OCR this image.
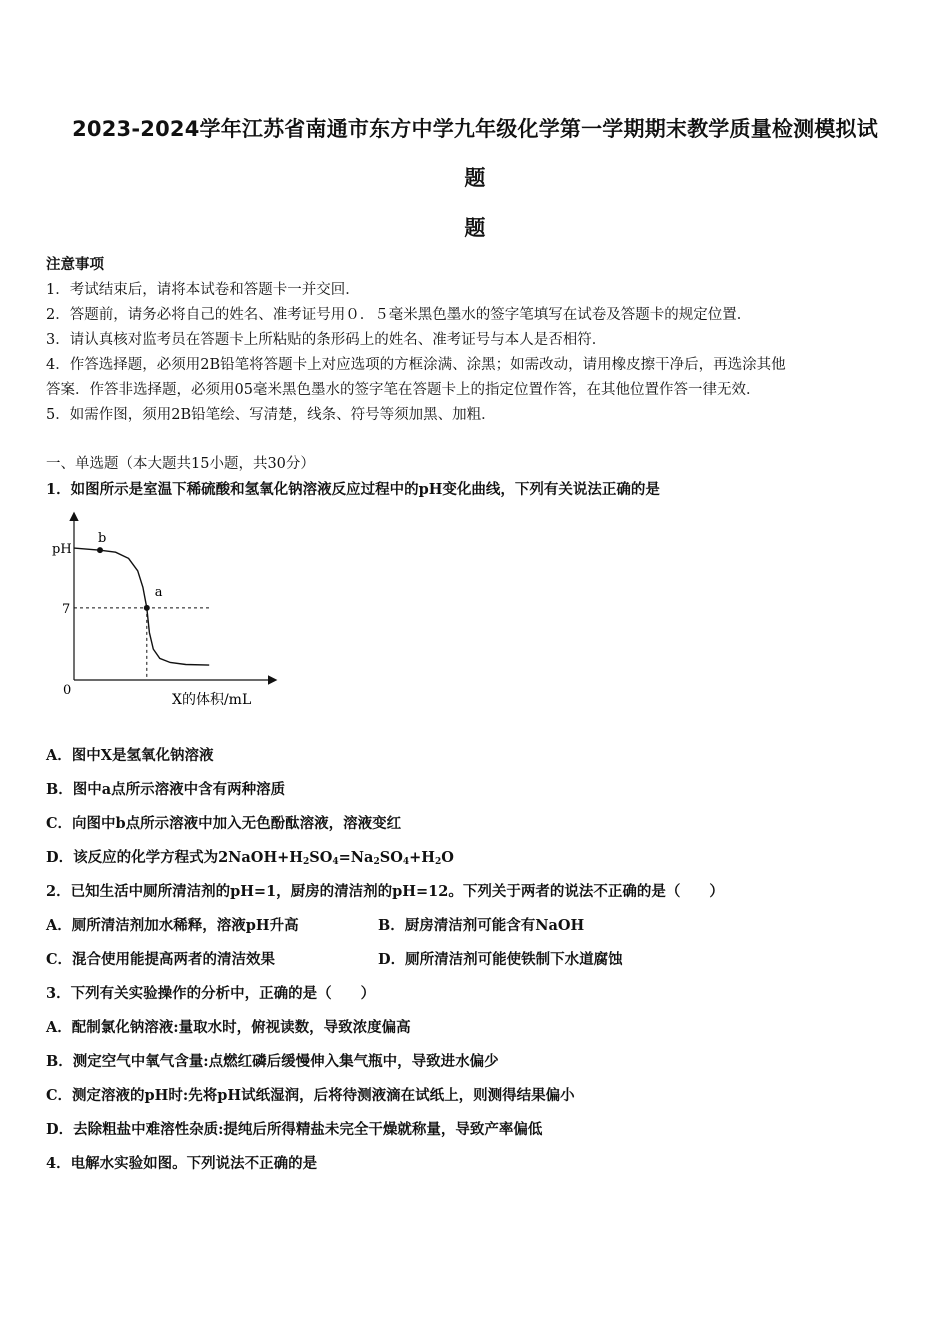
2023-2024学年江苏省南通市东方中学九年级化学第一学期期末教学质量检测模拟试
题
题
注意事项
1．考试结束后，请将本试卷和答题卡一并交回．
2．答题前，请务必将自己的姓名、准考证号用０．５毫米黑色墨水的签字笔填写在试卷及答题卡的规定位置．
3．请认真核对监考员在答题卡上所粘贴的条形码上的姓名、准考证号与本人是否相符．
4．作答选择题，必须用2B铅笔将答题卡上对应选项的方框涂满、涂黑；如需改动，请用橡皮擦干净后，再选涂其他
答案．作答非选择题，必须用05毫米黑色墨水的签字笔在答题卡上的指定位置作答，在其他位置作答一律无效．
5．如需作图，须用2B铅笔绘、写清楚，线条、符号等须加黑、加粗．
一、单选题（本大题共15小题，共30分）
1．如图所示是室温下稀硫酸和氢氧化钠溶液反应过程中的pH变化曲线，下列有关说法正确的是
b
a
pH
7
0
X的体积/mL
A．图中X是氢氧化钠溶液
B．图中a点所示溶液中含有两种溶质
C．向图中b点所示溶液中加入无色酚酞溶液，溶液变红
D．该反应的化学方程式为$2NaOH+H_2SO_4=Na_2SO_4+H_2O$
2．已知生活中厕所清洁剂的pH=1，厨房的清洁剂的pH=12。下列关于两者的说法不正确的是（　　）
A．厕所清洁剂加水稀释，溶液pH升高	B．厨房清洁剂可能含有NaOH
C．混合使用能提高两者的清洁效果	D．厕所清洁剂可能使铁制下水道腐蚀
3．下列有关实验操作的分析中，正确的是（　　）
A．配制氯化钠溶液:量取水时，俯视读数，导致浓度偏高
B．测定空气中氧气含量:点燃红磷后缓慢伸入集气瓶中，导致进水偏少
C．测定溶液的pH时:先将pH试纸湿润，后将待测液滴在试纸上，则测得结果偏小
D．去除粗盐中难溶性杂质:提纯后所得精盐未完全干燥就称量，导致产率偏低
4．电解水实验如图。下列说法不正确的是
